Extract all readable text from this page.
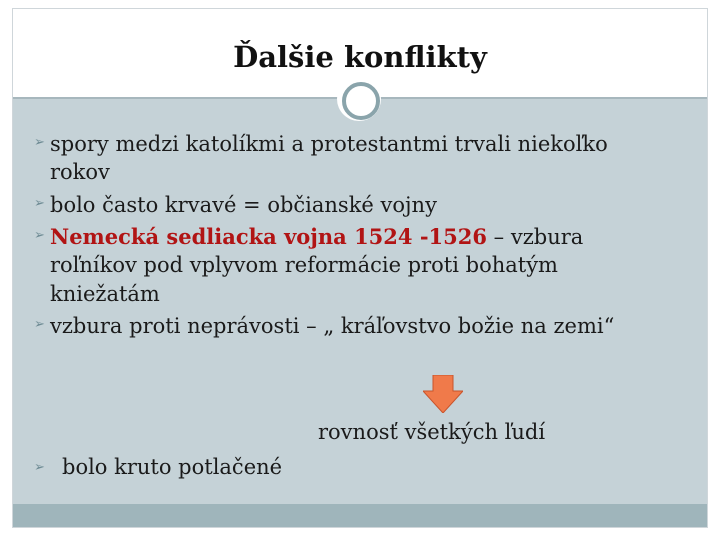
Ďalšie konflikty

➢ spory medzi katolíkmi a protestantmi trvali niekoľko
rokov

➢ bolo často krvavé = občianské vojny

➢ Nemecká sedliacka vojna 1524 -1526 – vzbura
roľníkov pod vplyvom reformácie proti bohatým
kniežatám

➢ vzbura proti neprávosti – „ kráľovstvo božie na zemi“

rovnosť všetkých ľudí
➢ bolo kruto potlačené
